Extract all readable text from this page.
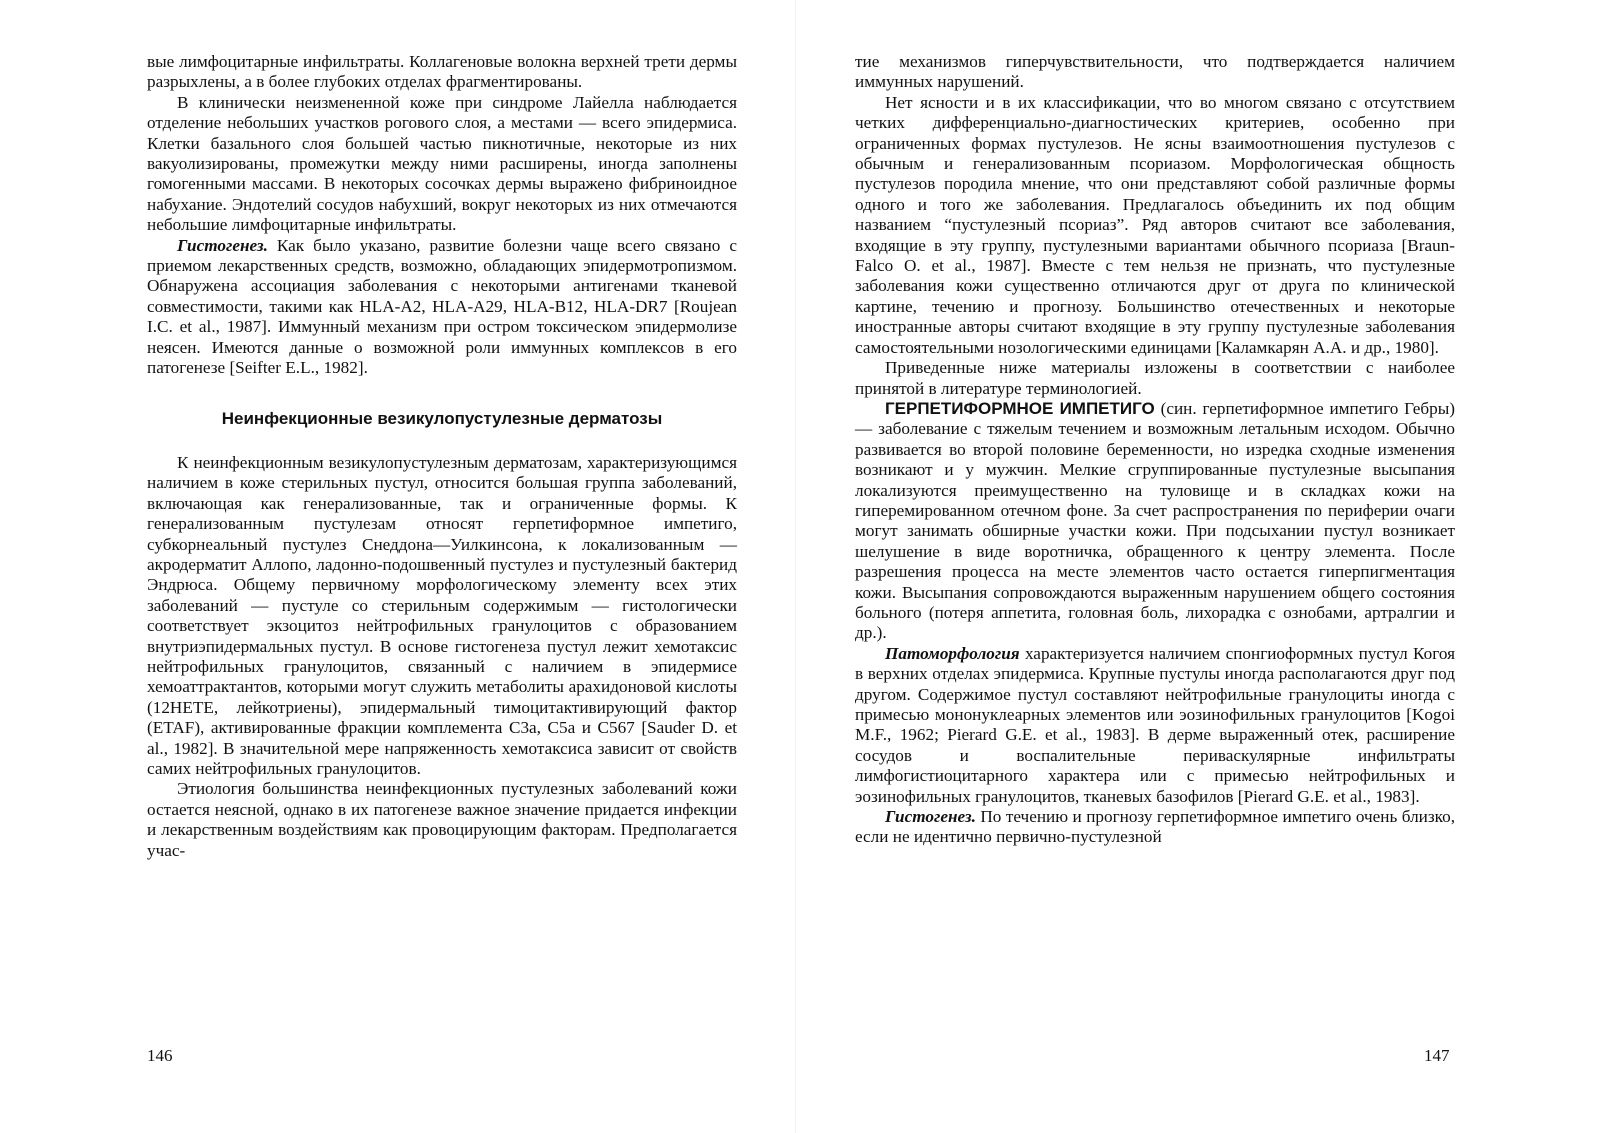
вые лимфоцитарные инфильтраты. Коллагеновые волокна верхней трети дермы разрыхлены, а в более глубоких отделах фрагментированы.

В клинически неизмененной коже при синдроме Лайелла наблюдается отделение небольших участков рогового слоя, а местами — всего эпидермиса. Клетки базального слоя большей частью пикнотичные, некоторые из них вакуолизированы, промежутки между ними расширены, иногда заполнены гомогенными массами. В некоторых сосочках дермы выражено фибриноидное набухание. Эндотелий сосудов набухший, вокруг некоторых из них отмечаются небольшие лимфоцитарные инфильтраты.

Гистогенез. Как было указано, развитие болезни чаще всего связано с приемом лекарственных средств, возможно, обладающих эпидермотропизмом. Обнаружена ассоциация заболевания с некоторыми антигенами тканевой совместимости, такими как HLA-A2, HLA-A29, HLA-B12, HLA-DR7 [Roujean I.C. et al., 1987]. Иммунный механизм при остром токсическом эпидермолизе неясен. Имеются данные о возможной роли иммунных комплексов в его патогенезе [Seifter E.L., 1982].

Неинфекционные везикулопустулезные дерматозы

К неинфекционным везикулопустулезным дерматозам, характеризующимся наличием в коже стерильных пустул, относится большая группа заболеваний, включающая как генерализованные, так и ограниченные формы. К генерализованным пустулезам относят герпетиформное импетиго, субкорнеальный пустулез Снеддона—Уилкинсона, к локализованным — акродерматит Аллопо, ладонно-подошвенный пустулез и пустулезный бактерид Эндрюса. Общему первичному морфологическому элементу всех этих заболеваний — пустуле со стерильным содержимым — гистологически соответствует экзоцитоз нейтрофильных гранулоцитов с образованием внутриэпидермальных пустул. В основе гистогенеза пустул лежит хемотаксис нейтрофильных гранулоцитов, связанный с наличием в эпидермисе хемоаттрактантов, которыми могут служить метаболиты арахидоновой кислоты (12HETE, лейкотриены), эпидермальный тимоцитактивирующий фактор (ETAF), активированные фракции комплемента C3a, C5a и C567 [Sauder D. et al., 1982]. В значительной мере напряженность хемотаксиса зависит от свойств самих нейтрофильных гранулоцитов.

Этиология большинства неинфекционных пустулезных заболеваний кожи остается неясной, однако в их патогенезе важное значение придается инфекции и лекарственным воздействиям как провоцирующим факторам. Предполагается учас-

146

тие механизмов гиперчувствительности, что подтверждается наличием иммунных нарушений.

Нет ясности и в их классификации, что во многом связано с отсутствием четких дифференциально-диагностических критериев, особенно при ограниченных формах пустулезов. Не ясны взаимоотношения пустулезов с обычным и генерализованным псориазом. Морфологическая общность пустулезов породила мнение, что они представляют собой различные формы одного и того же заболевания. Предлагалось объединить их под общим названием “пустулезный псориаз”. Ряд авторов считают все заболевания, входящие в эту группу, пустулезными вариантами обычного псориаза [Braun-Falco O. et al., 1987]. Вместе с тем нельзя не признать, что пустулезные заболевания кожи существенно отличаются друг от друга по клинической картине, течению и прогнозу. Большинство отечественных и некоторые иностранные авторы считают входящие в эту группу пустулезные заболевания самостоятельными нозологическими единицами [Каламкарян А.А. и др., 1980].

Приведенные ниже материалы изложены в соответствии с наиболее принятой в литературе терминологией.

ГЕРПЕТИФОРМНОЕ ИМПЕТИГО (син. герпетиформное импетиго Гебры) — заболевание с тяжелым течением и возможным летальным исходом. Обычно развивается во второй половине беременности, но изредка сходные изменения возникают и у мужчин. Мелкие сгруппированные пустулезные высыпания локализуются преимущественно на туловище и в складках кожи на гиперемированном отечном фоне. За счет распространения по периферии очаги могут занимать обширные участки кожи. При подсыхании пустул возникает шелушение в виде воротничка, обращенного к центру элемента. После разрешения процесса на месте элементов часто остается гиперпигментация кожи. Высыпания сопровождаются выраженным нарушением общего состояния больного (потеря аппетита, головная боль, лихорадка с ознобами, артралгии и др.).

Патоморфология характеризуется наличием спонгиоформных пустул Когоя в верхних отделах эпидермиса. Крупные пустулы иногда располагаются друг под другом. Содержимое пустул составляют нейтрофильные гранулоциты иногда с примесью мононуклеарных элементов или эозинофильных гранулоцитов [Kogoi M.F., 1962; Pierard G.E. et al., 1983]. В дерме выраженный отек, расширение сосудов и воспалительные периваскулярные инфильтраты лимфогистиоцитарного характера или с примесью нейтрофильных и эозинофильных гранулоцитов, тканевых базофилов [Pierard G.E. et al., 1983].

Гистогенез. По течению и прогнозу герпетиформное импетиго очень близко, если не идентично первично-пустулезной

147
